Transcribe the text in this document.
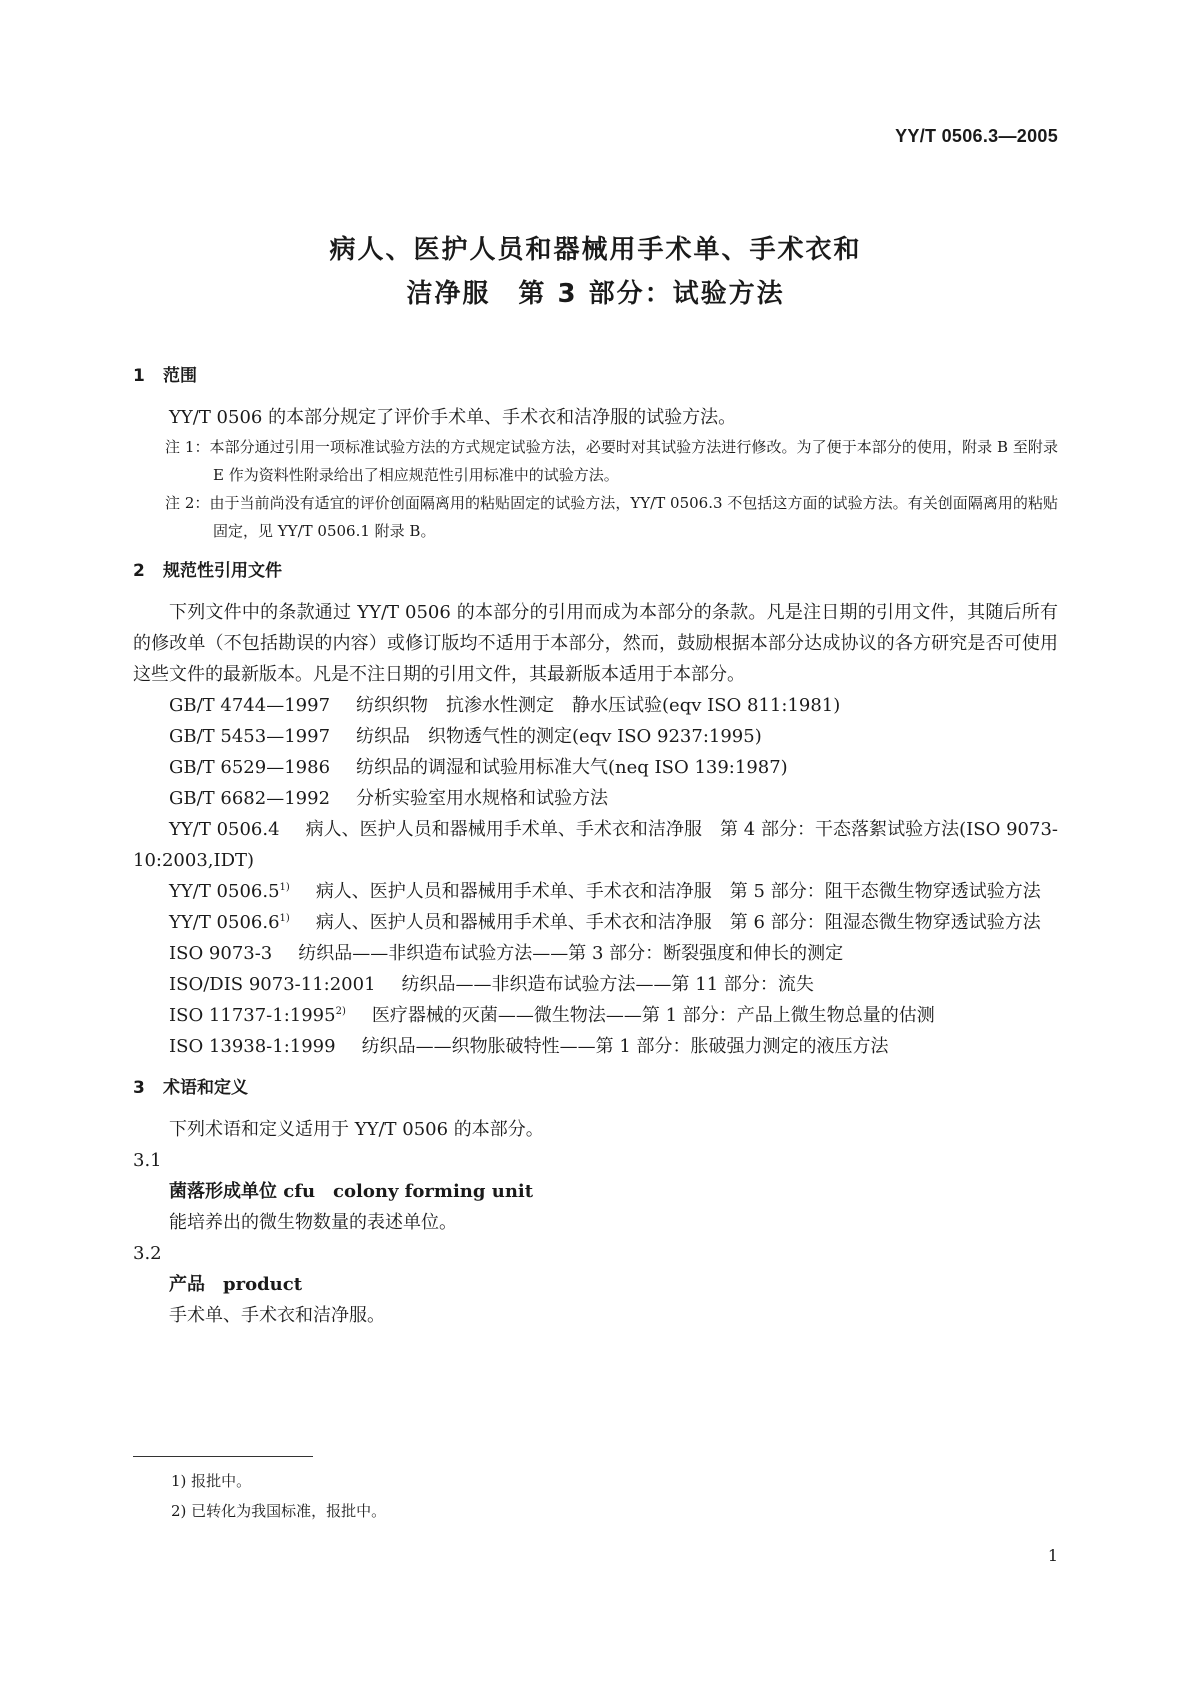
YY/T 0506.3—2005
病人、医护人员和器械用手术单、手术衣和
洁净服　第 3 部分：试验方法
1 范围

YY/T 0506 的本部分规定了评价手术单、手术衣和洁净服的试验方法。

注 1：本部分通过引用一项标准试验方法的方式规定试验方法，必要时对其试验方法进行修改。为了便于本部分的使用，附录 B 至附录 E 作为资料性附录给出了相应规范性引用标准中的试验方法。

注 2：由于当前尚没有适宜的评价创面隔离用的粘贴固定的试验方法，YY/T 0506.3 不包括这方面的试验方法。有关创面隔离用的粘贴固定，见 YY/T 0506.1 附录 B。

2 规范性引用文件

下列文件中的条款通过 YY/T 0506 的本部分的引用而成为本部分的条款。凡是注日期的引用文件，其随后所有的修改单（不包括勘误的内容）或修订版均不适用于本部分，然而，鼓励根据本部分达成协议的各方研究是否可使用这些文件的最新版本。凡是不注日期的引用文件，其最新版本适用于本部分。

GB/T 4744—1997 纺织织物　抗渗水性测定　静水压试验(eqv ISO 811:1981)

GB/T 5453—1997 纺织品　织物透气性的测定(eqv ISO 9237:1995)

GB/T 6529—1986 纺织品的调湿和试验用标准大气(neq ISO 139:1987)

GB/T 6682—1992 分析实验室用水规格和试验方法

YY/T 0506.4 病人、医护人员和器械用手术单、手术衣和洁净服　第 4 部分：干态落絮试验方法(ISO 9073-10:2003,IDT)

YY/T 0506.5$^{1)}$ 病人、医护人员和器械用手术单、手术衣和洁净服　第 5 部分：阻干态微生物穿透试验方法

YY/T 0506.6$^{1)}$ 病人、医护人员和器械用手术单、手术衣和洁净服　第 6 部分：阻湿态微生物穿透试验方法

ISO 9073-3 纺织品——非织造布试验方法——第 3 部分：断裂强度和伸长的测定

ISO/DIS 9073-11:2001 纺织品——非织造布试验方法——第 11 部分：流失

ISO 11737-1:1995$^{2)}$ 医疗器械的灭菌——微生物法——第 1 部分：产品上微生物总量的估测

ISO 13938-1:1999 纺织品——织物胀破特性——第 1 部分：胀破强力测定的液压方法

3 术语和定义

下列术语和定义适用于 YY/T 0506 的本部分。

3.1

菌落形成单位 cfu　colony forming unit

能培养出的微生物数量的表述单位。

3.2

产品　product

手术单、手术衣和洁净服。

1) 报批中。
2) 已转化为我国标准，报批中。
1
